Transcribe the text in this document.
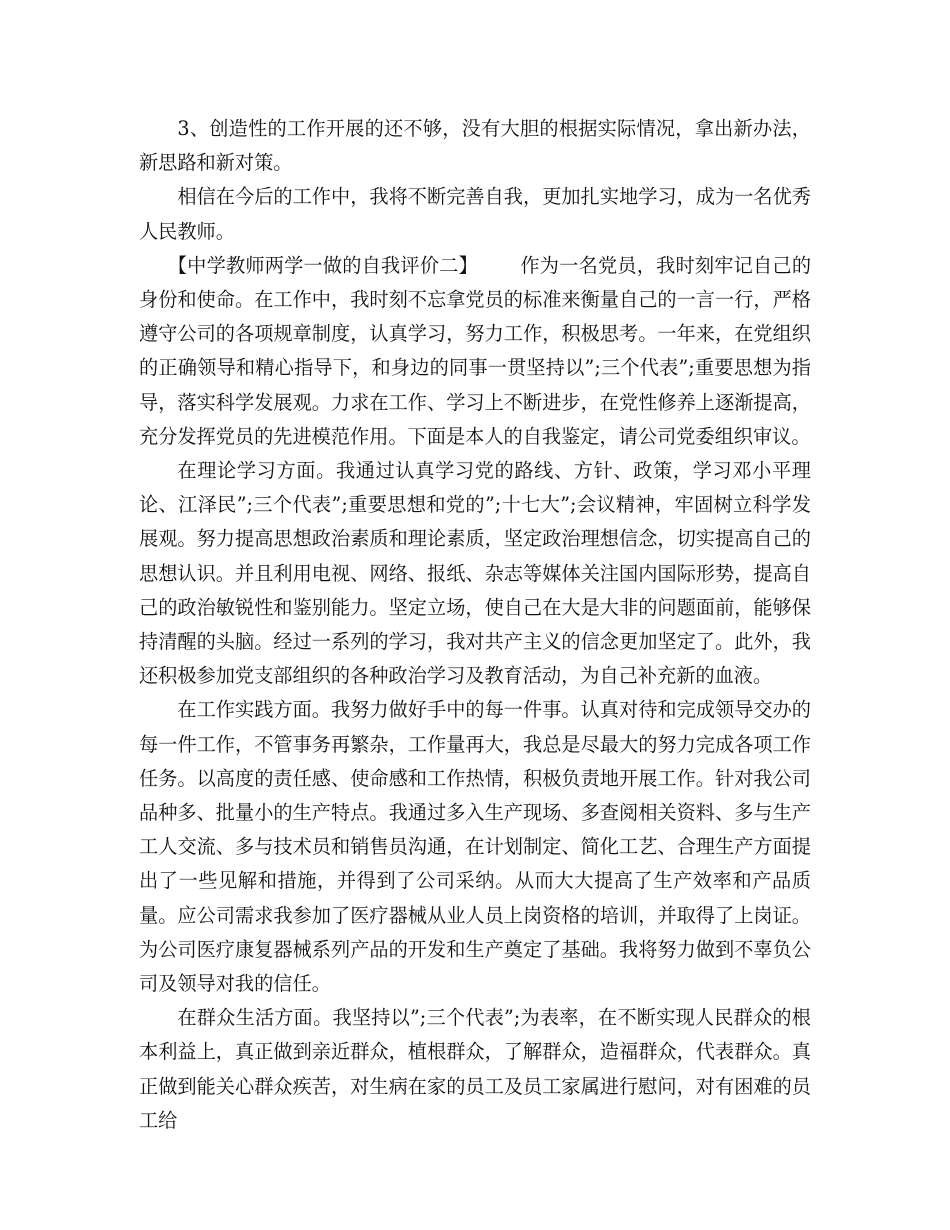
3、创造性的工作开展的还不够，没有大胆的根据实际情况，拿出新办法，新思路和新对策。

相信在今后的工作中，我将不断完善自我，更加扎实地学习，成为一名优秀人民教师。

【中学教师两学一做的自我评价二】 作为一名党员，我时刻牢记自己的身份和使命。在工作中，我时刻不忘拿党员的标准来衡量自己的一言一行，严格遵守公司的各项规章制度，认真学习，努力工作，积极思考。一年来，在党组织的正确领导和精心指导下，和身边的同事一贯坚持以”;三个代表”;重要思想为指导，落实科学发展观。力求在工作、学习上不断进步，在党性修养上逐渐提高，充分发挥党员的先进模范作用。下面是本人的自我鉴定，请公司党委组织审议。

在理论学习方面。我通过认真学习党的路线、方针、政策，学习邓小平理论、江泽民”;三个代表”;重要思想和党的”;十七大”;会议精神，牢固树立科学发展观。努力提高思想政治素质和理论素质，坚定政治理想信念，切实提高自己的思想认识。并且利用电视、网络、报纸、杂志等媒体关注国内国际形势，提高自己的政治敏锐性和鉴别能力。坚定立场，使自己在大是大非的问题面前，能够保持清醒的头脑。经过一系列的学习，我对共产主义的信念更加坚定了。此外，我还积极参加党支部组织的各种政治学习及教育活动，为自己补充新的血液。

在工作实践方面。我努力做好手中的每一件事。认真对待和完成领导交办的每一件工作，不管事务再繁杂，工作量再大，我总是尽最大的努力完成各项工作任务。以高度的责任感、使命感和工作热情，积极负责地开展工作。针对我公司品种多、批量小的生产特点。我通过多入生产现场、多查阅相关资料、多与生产工人交流、多与技术员和销售员沟通，在计划制定、简化工艺、合理生产方面提出了一些见解和措施，并得到了公司采纳。从而大大提高了生产效率和产品质量。应公司需求我参加了医疗器械从业人员上岗资格的培训，并取得了上岗证。为公司医疗康复器械系列产品的开发和生产奠定了基础。我将努力做到不辜负公司及领导对我的信任。

在群众生活方面。我坚持以”;三个代表”;为表率，在不断实现人民群众的根本利益上，真正做到亲近群众，植根群众，了解群众，造福群众，代表群众。真正做到能关心群众疾苦，对生病在家的员工及员工家属进行慰问，对有困难的员工给
